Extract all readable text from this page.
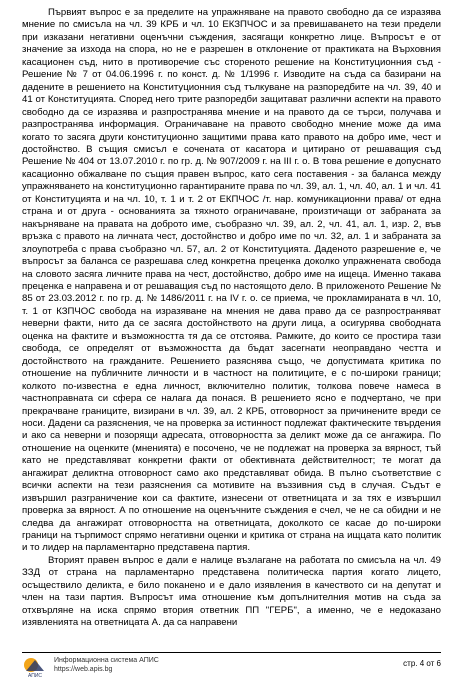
Първият въпрос е за пределите на упражняване на правото свободно да се изразява мнение по смисъла на чл. 39 КРБ и чл. 10 ЕКЗПЧОС и за превишаването на тези предели при изказани негативни оценъчни съждения, засягащи конкретно лице. Въпросът е от значение за изхода на спора, но не е разрешен в отклонение от практиката на Върховния касационен съд, нито в противоречие със стореното решение на Конституционния съд - Решение № 7 от 04.06.1996 г. по конст. д. № 1/1996 г. Изводите на съда са базирани на дадените в решението на Конституционния съд тълкуване на разпоредбите на чл. 39, 40 и 41 от Конституцията. Според него трите разпоредби защитават различни аспекти на правото свободно да се изразява и разпространява мнение и на правото да се търси, получава и разпространява информация. Ограничаване на правото свободно мнение може да има когато то засяга други конституционно защитими права като правото на добро име, чест и достойнство. В същия смисъл е сочената от касатора и цитирано от решаващия съд Решение № 404 от 13.07.2010 г. по гр. д. № 907/2009 г. на III г. о. В това решение е допуснато касационно обжалване по същия правен въпрос, като сега поставения - за баланса между упражняването на конституционно гарантираните права по чл. 39, ал. 1, чл. 40, ал. 1 и чл. 41 от Конституцията и на чл. 10, т. 1 и т. 2 от ЕКПЧОС /т. нар. комуникационни права/ от една страна и от друга - основанията за тяхното ограничаване, произтичащи от забраната за накърняване на правата на доброто име, съобразно чл. 39, ал. 2, чл. 41, ал. 1, изр. 2, във връзка с правото на личната чест, достойнство и добро име по чл. 32, ал. 1 и забраната за злоупотреба с права съобразно чл. 57, ал. 2 от Конституцията. Даденото разрешение е, че въпросът за баланса се разрешава след конкретна преценка доколко упражнената свобода на словото засяга личните права на чест, достойнство, добро име на ищеца. Именно такава преценка е направена и от решаващия съд по настоящото дело. В приложеното Решение № 85 от 23.03.2012 г. по гр. д. № 1486/2011 г. на IV г. о. се приема, че прокламираната в чл. 10, т. 1 от КЗПЧОС свобода на изразяване на мнения не дава право да се разпространяват неверни факти, нито да се засяга достойнството на други лица, а осигурява свободната оценка на фактите и възможността тя да се отстоява. Рамките, до които се простира тази свобода, се определят от възможността да бъдат засегнати неоправдано честта и достойнството на гражданите. Решението разяснява също, че допустимата критика по отношение на публичните личности и в частност на политиците, е с по-широки граници; колкото по-известна е една личност, включително политик, толкова повече намеса в частнoправната си сфера се налага да понася. В решението ясно е подчертано, че при прекрачване границите, визирани в чл. 39, ал. 2 КРБ, отговорност за причинените вреди се носи. Дадени са разяснения, че на проверка за истинност подлежат фактическите твърдения и ако са неверни и позорящи адресата, отговорността за деликт може да се ангажира. По отношение на оценките (мненията) е посочено, че не подлежат на проверка за вярност, тъй като не представляват конкретни факти от обективната действителност; те могат да ангажират деликтна отговорност само ако представляват обида. В пълно съответствие с всички аспекти на тези разяснения са мотивите на въззивния съд в случая. Съдът е извършил разграничение кои са фактите, изнесени от ответницата и за тях е извършил проверка за вярност. А по отношение на оценъчните съждения е счел, че не са обидни и не следва да ангажират отговорността на ответницата, доколкото се касае до по-широки граници на търпимост спрямо негативни оценки и критика от страна на ищцата като политик и то лидер на парламентарно представена партия.

Вторият правен въпрос е дали е налице възлагане на работата по смисъла на чл. 49 ЗЗД от страна на парламентарно представена политическа партия когато лицето, осъществило деликта, е било поканено и е дало изявления в качеството си на депутат и член на тази партия. Въпросът има отношение към допълнителния мотив на съда за отхвърляне на иска спрямо втория ответник ПП "ГЕРБ", а именно, че е недоказано изявленията на ответницата А. да са направени

АПИС
Информационна система АПИС
https://web.apis.bg
стр. 4 от 6
